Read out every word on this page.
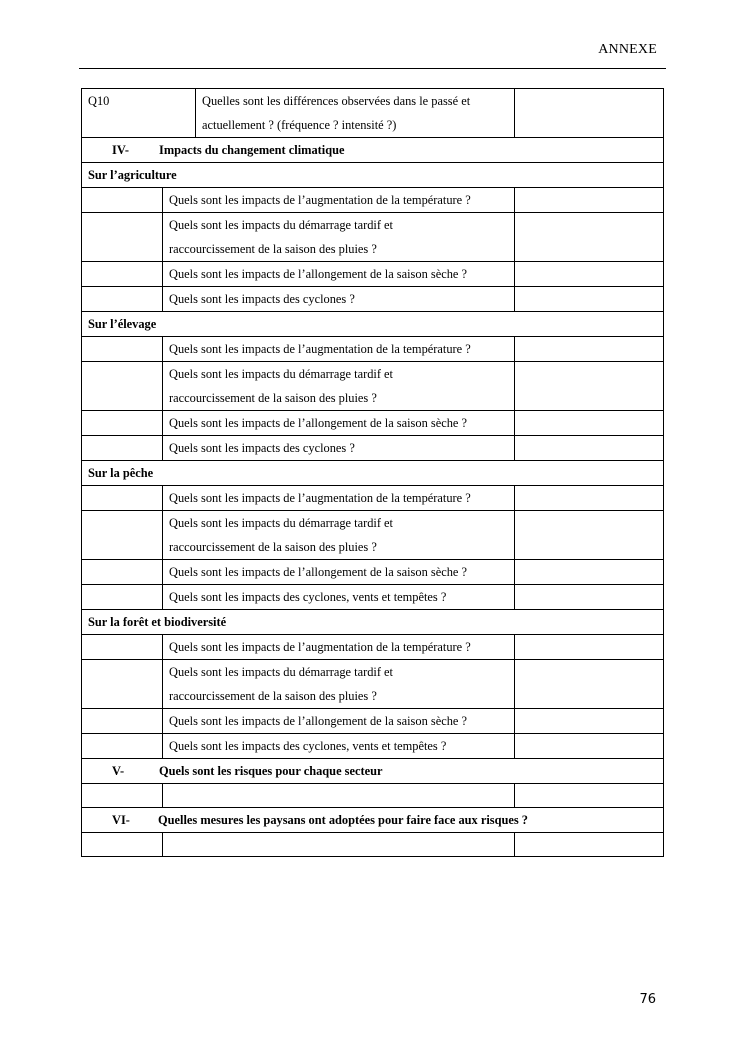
ANNEXE
Q10		Quelles sont les différences observées dans le passé et
actuellement ? (fréquence ? intensité ?)	

IV- Impacts du changement climatique			
Sur l’agriculture			
	Quels sont les impacts de l’augmentation de la température ?		

	Quels sont les impacts du démarrage tardif et
raccourcissement de la saison des pluies ?		

	Quels sont les impacts de l’allongement de la saison sèche ?		
	Quels sont les impacts des cyclones ?		
Sur l’élevage			
	Quels sont les impacts de l’augmentation de la température ?		

	Quels sont les impacts du démarrage tardif et
raccourcissement de la saison des pluies ?		

	Quels sont les impacts de l’allongement de la saison sèche ?		
	Quels sont les impacts des cyclones ?		
Sur la pêche			
	Quels sont les impacts de l’augmentation de la température ?		

	Quels sont les impacts du démarrage tardif et
raccourcissement de la saison des pluies ?		

	Quels sont les impacts de l’allongement de la saison sèche ?		
	Quels sont les impacts des cyclones, vents et tempêtes ?		
Sur la forêt et biodiversité			
	Quels sont les impacts de l’augmentation de la température ?		

	Quels sont les impacts du démarrage tardif et
raccourcissement de la saison des pluies ?		

	Quels sont les impacts de l’allongement de la saison sèche ?		
	Quels sont les impacts des cyclones, vents et tempêtes ?		
V- Quels sont les risques pour chaque secteur			

VI- Quelles mesures les paysans ont adoptées pour faire face aux risques ?			

76
